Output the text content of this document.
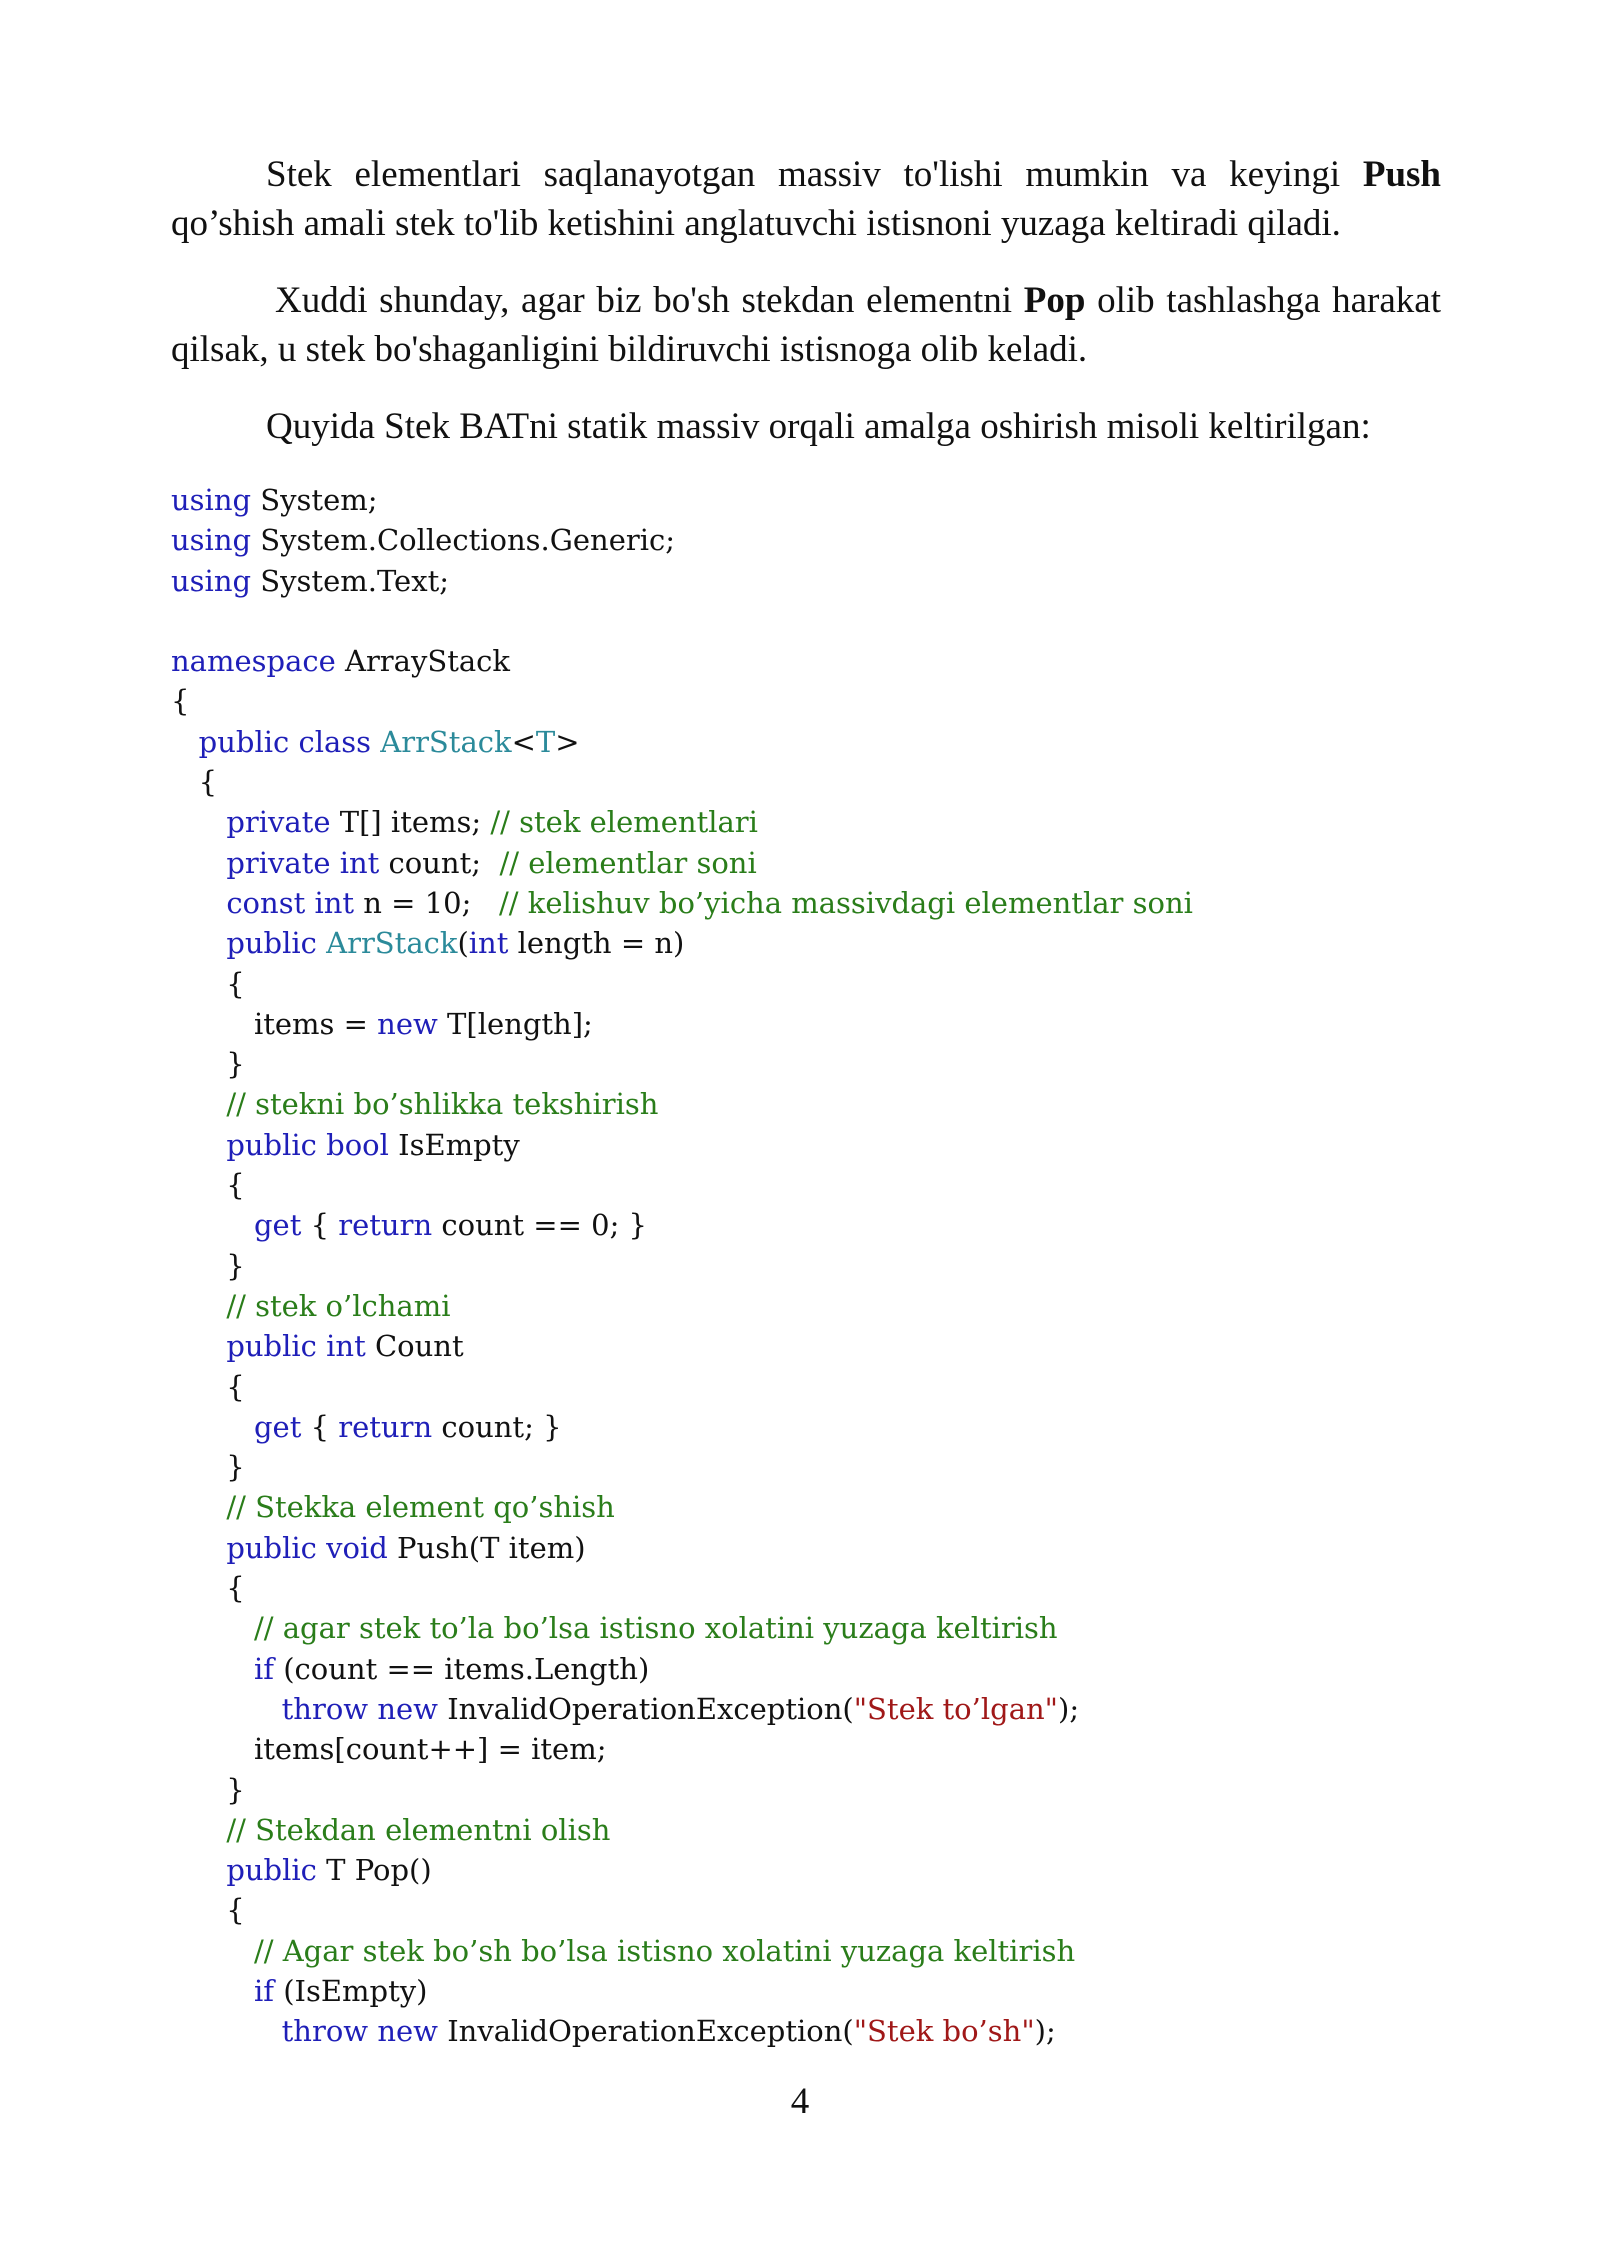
Stek elementlari saqlanayotgan massiv to'lishi mumkin va keyingi Push qo’shish amali stek to'lib ketishini anglatuvchi istisnoni yuzaga keltiradi qiladi.

Xuddi shunday, agar biz bo'sh stekdan elementni Pop olib tashlashga harakat qilsak, u stek bo'shaganligini bildiruvchi istisnoga olib keladi.

Quyida Stek BATni statik massiv orqali amalga oshirish misoli keltirilgan:

using System;
using System.Collections.Generic;
using System.Text;
namespace ArrayStack
{
public class ArrStack<T>
{
private T[] items; // stek elementlari
private int count;  // elementlar soni
const int n = 10;   // kelishuv bo’yicha massivdagi elementlar soni
public ArrStack(int length = n)
{
items = new T[length];
}
// stekni bo’shlikka tekshirish
public bool IsEmpty
{
get { return count == 0; }
}
// stek o’lchami
public int Count
{
get { return count; }
}
// Stekka element qo’shish
public void Push(T item)
{
// agar stek to’la bo’lsa istisno xolatini yuzaga keltirish
if (count == items.Length)
throw new InvalidOperationException("Stek to’lgan");
items[count++] = item;
}
// Stekdan elementni olish
public T Pop()
{
// Agar stek bo’sh bo’lsa istisno xolatini yuzaga keltirish
if (IsEmpty)
throw new InvalidOperationException("Stek bo’sh");
4
